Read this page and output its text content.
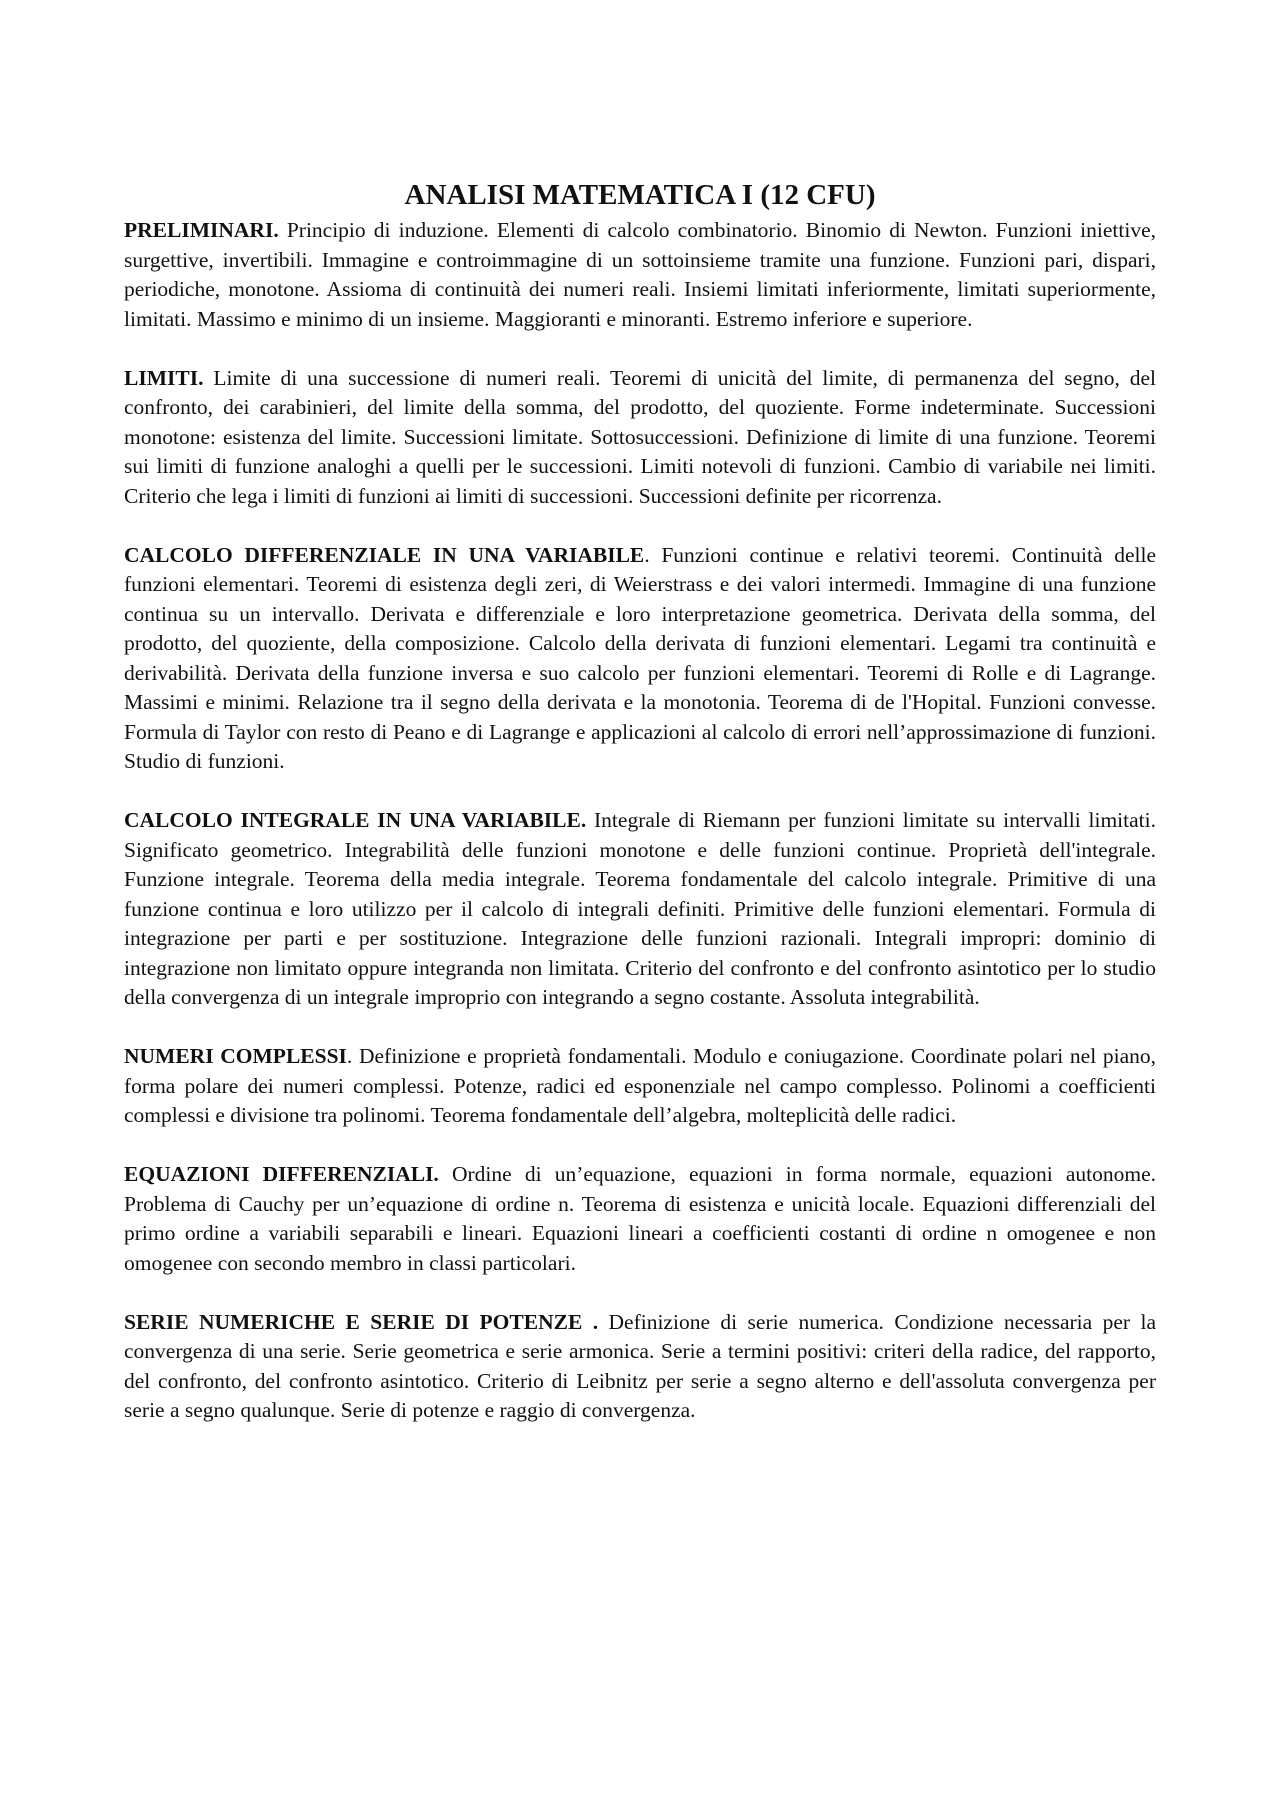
ANALISI MATEMATICA I (12 CFU)

PRELIMINARI. Principio di induzione. Elementi di calcolo combinatorio. Binomio di Newton. Funzioni iniettive, surgettive, invertibili. Immagine e controimmagine di un sottoinsieme tramite una funzione. Funzioni pari, dispari, periodiche, monotone. Assioma di continuità dei numeri reali. Insiemi limitati inferiormente, limitati superiormente, limitati. Massimo e minimo di un insieme. Maggioranti e minoranti. Estremo inferiore e superiore.

LIMITI. Limite di una successione di numeri reali. Teoremi di unicità del limite, di permanenza del segno, del confronto, dei carabinieri, del limite della somma, del prodotto, del quoziente. Forme indeterminate. Successioni monotone: esistenza del limite. Successioni limitate. Sottosuccessioni. Definizione di limite di una funzione. Teoremi sui limiti di funzione analoghi a quelli per le successioni. Limiti notevoli di funzioni. Cambio di variabile nei limiti. Criterio che lega i limiti di funzioni ai limiti di successioni. Successioni definite per ricorrenza.

CALCOLO DIFFERENZIALE IN UNA VARIABILE. Funzioni continue e relativi teoremi. Continuità delle funzioni elementari. Teoremi di esistenza degli zeri, di Weierstrass e dei valori intermedi. Immagine di una funzione continua su un intervallo. Derivata e differenziale e loro interpretazione geometrica. Derivata della somma, del prodotto, del quoziente, della composizione. Calcolo della derivata di funzioni elementari. Legami tra continuità e derivabilità. Derivata della funzione inversa e suo calcolo per funzioni elementari. Teoremi di Rolle e di Lagrange. Massimi e minimi. Relazione tra il segno della derivata e la monotonia. Teorema di de l'Hopital. Funzioni convesse. Formula di Taylor con resto di Peano e di Lagrange e applicazioni al calcolo di errori nell’approssimazione di funzioni. Studio di funzioni.

CALCOLO INTEGRALE IN UNA VARIABILE. Integrale di Riemann per funzioni limitate su intervalli limitati. Significato geometrico. Integrabilità delle funzioni monotone e delle funzioni continue. Proprietà dell'integrale. Funzione integrale. Teorema della media integrale. Teorema fondamentale del calcolo integrale. Primitive di una funzione continua e loro utilizzo per il calcolo di integrali definiti. Primitive delle funzioni elementari. Formula di integrazione per parti e per sostituzione. Integrazione delle funzioni razionali. Integrali impropri: dominio di integrazione non limitato oppure integranda non limitata. Criterio del confronto e del confronto asintotico per lo studio della convergenza di un integrale improprio con integrando a segno costante. Assoluta integrabilità.

NUMERI COMPLESSI. Definizione e proprietà fondamentali. Modulo e coniugazione. Coordinate polari nel piano, forma polare dei numeri complessi. Potenze, radici ed esponenziale nel campo complesso. Polinomi a coefficienti complessi e divisione tra polinomi. Teorema fondamentale dell’algebra, molteplicità delle radici.

EQUAZIONI DIFFERENZIALI. Ordine di un’equazione, equazioni in forma normale, equazioni autonome. Problema di Cauchy per un’equazione di ordine n. Teorema di esistenza e unicità locale. Equazioni differenziali del primo ordine a variabili separabili e lineari. Equazioni lineari a coefficienti costanti di ordine n omogenee e non omogenee con secondo membro in classi particolari.

SERIE NUMERICHE E SERIE DI POTENZE . Definizione di serie numerica. Condizione necessaria per la convergenza di una serie. Serie geometrica e serie armonica. Serie a termini positivi: criteri della radice, del rapporto, del confronto, del confronto asintotico. Criterio di Leibnitz per serie a segno alterno e dell'assoluta convergenza per serie a segno qualunque. Serie di potenze e raggio di convergenza.
